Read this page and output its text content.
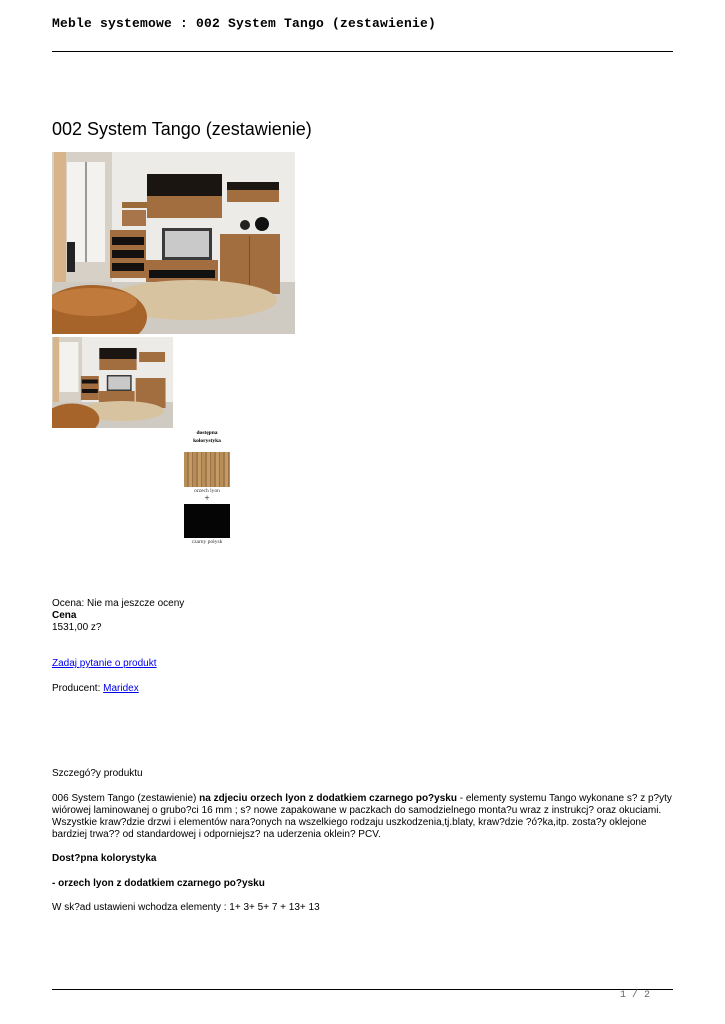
Meble systemowe : 002 System Tango (zestawienie)
002 System Tango (zestawienie)
dostępna
kolorystyka
orzech lyon
+
czarny połysk
Ocena: Nie ma jeszcze oceny
Cena
1531,00 z?
Zadaj pytanie o produkt
Producent: Maridex
Szczegó?y produktu
006 System Tango (zestawienie) na zdjeciu orzech lyon z dodatkiem czarnego po?ysku - elementy systemu Tango wykonane s? z p?yty wiórowej laminowanej o grubo?ci 16 mm ; s? nowe zapakowane w paczkach do samodzielnego monta?u wraz z instrukcj? oraz okuciami. Wszystkie kraw?dzie drzwi i elementów nara?onych na wszelkiego rodzaju uszkodzenia,tj.blaty, kraw?dzie ?ó?ka,itp. zosta?y oklejone bardziej trwa?? od standardowej i odporniejsz? na uderzenia oklein? PCV.
Dost?pna kolorystyka
- orzech lyon z dodatkiem czarnego po?ysku
W sk?ad ustawieni wchodza elementy : 1+ 3+ 5+ 7 + 13+ 13
1 / 2
